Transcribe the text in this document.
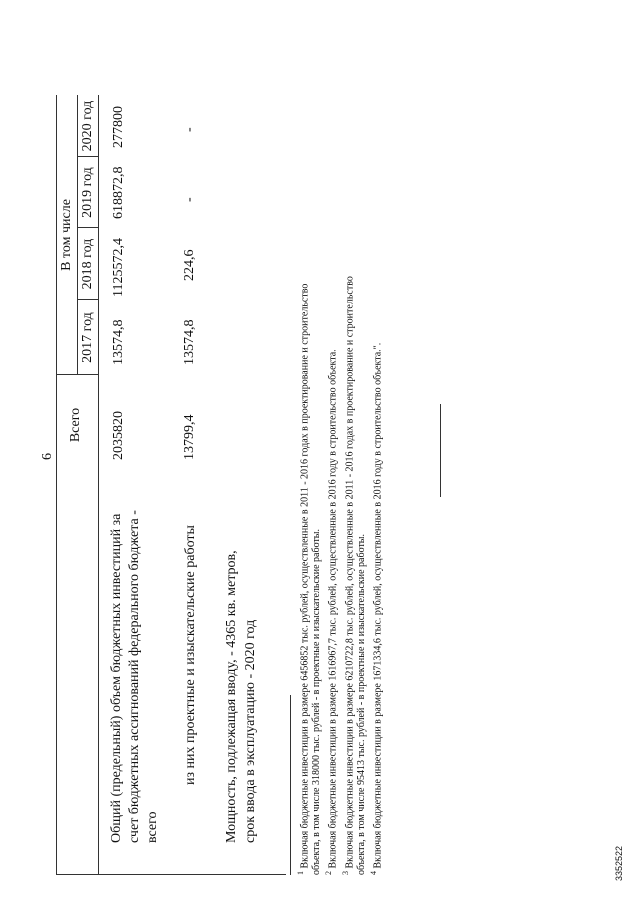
6
Всего
В том числе
2017 год
2018 год
2019 год
2020 год
Общий (предельный) объем бюджетных инвестиций за счет бюджетных ассигнований федерального бюджета - всего
2035820
13574,8
1125572,4
618872,8
277800
из них проектные и изыскательские работы
13799,4
13574,8
224,6
-
-
Мощность, подлежащая вводу, - 4365 кв. метров, срок ввода в эксплуатацию - 2020 год
$^1$ Включая бюджетные инвестиции в размере 6456852 тыс. рублей, осуществленные в 2011 - 2016 годах в проектирование и строительство объекта, в том числе 318000 тыс. рублей - в проектные и изыскательские работы. $^2$ Включая бюджетные инвестиции в размере 1616967,7 тыс. рублей, осуществленные в 2016 году в строительство объекта.
$^3$ Включая бюджетные инвестиции в размере 6210722,8 тыс. рублей, осуществленные в 2011 - 2016 годах в проектирование и строительство объекта, в том числе 95413 тыс. рублей - в проектные и изыскательские работы. $^4$ Включая бюджетные инвестиции в размере 1671334,6 тыс. рублей, осуществленные в 2016 году в строительство объекта.".	3352522
